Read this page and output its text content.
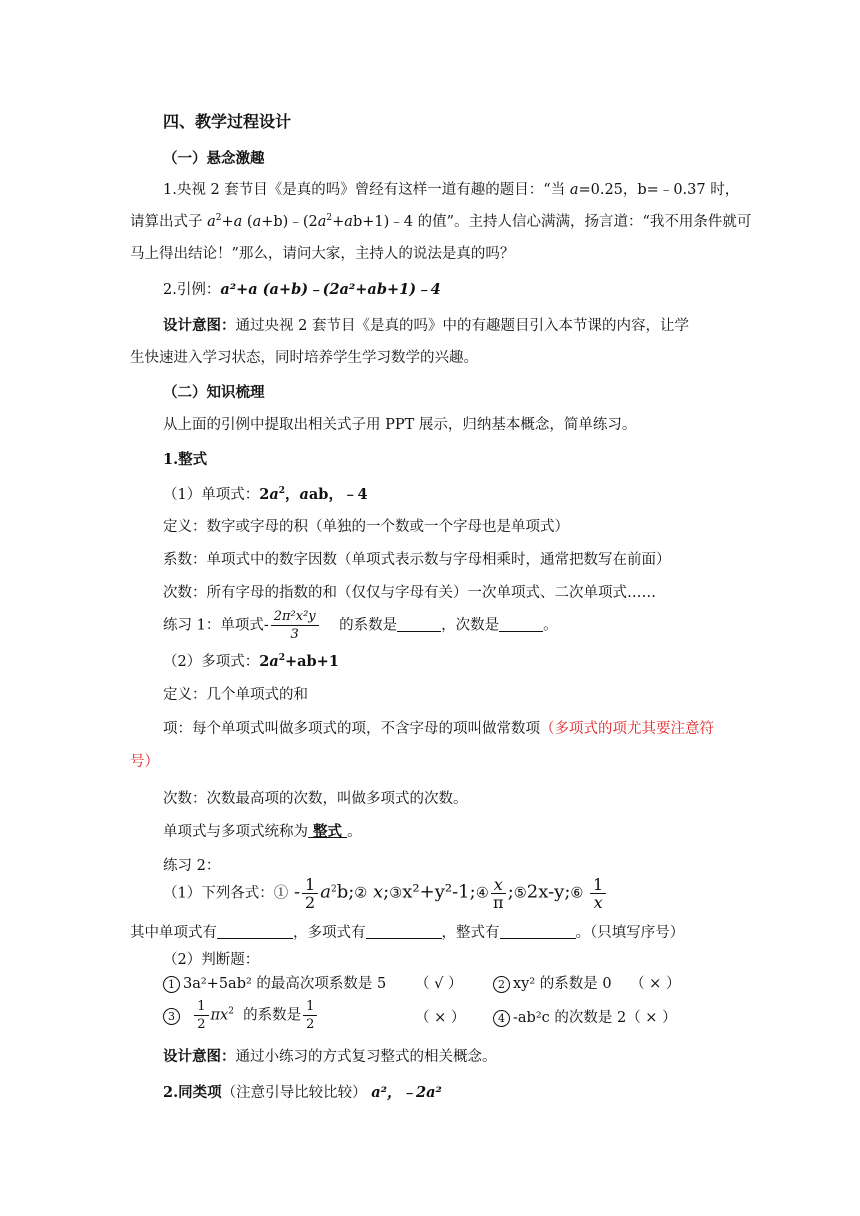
四、教学过程设计
（一）悬念激趣
1.央视 2 套节目《是真的吗》曾经有这样一道有趣的题目：“当 a=0.25，b=﹣0.37 时，
请算出式子 $a^2+a$ $(a+b)﹣(2a^2+ab+1)﹣4$ 的值”。主持人信心满满，扬言道：“我不用条件就可
马上得出结论！”那么，请问大家，主持人的说法是真的吗？
2.引例：a²+a (a+b)﹣(2a²+ab+1)﹣4
设计意图：通过央视 2 套节目《是真的吗》中的有趣题目引入本节课的内容，让学
生快速进入学习状态，同时培养学生学习数学的兴趣。
（二）知识梳理
从上面的引例中提取出相关式子用 PPT 展示，归纳基本概念，简单练习。
1.整式
（1）单项式：$2a^2$，aab，﹣4
定义：数字或字母的积（单独的一个数或一个字母也是单项式）
系数：单项式中的数字因数（单项式表示数与字母相乘时，通常把数写在前面）
次数：所有字母的指数的和（仅仅与字母有关）一次单项式、二次单项式……
练习 1：单项式- $\frac{\text{2π²x²y}}{3}$ 的系数是	，次数是	。
（2）多项式：$2a^2+ab+1$
定义：几个单项式的和
项：每个单项式叫做多项式的项，不含字母的项叫做常数项（多项式的项尤其要注意符
号）
次数：次数最高项的次数，叫做多项式的次数。
单项式与多项式统称为 整式 。
练习 2：
（1）下列各式：① - $\frac{1}{2}$ $a^2b;②$ x;③x²+y²-1;④ $\frac{x}{\pi}$ ;⑤2x-y;⑥ $\frac{1}{x}$
其中单项式有	，多项式有	，整式有	。（只填写序号）
（2）判断题：
1 3a²+5ab² 的最高次项系数是 5 （ √ ）	2 xy² 的系数是 0 （ × ）
$3 \frac{1}{2} \pi x^2$ 的系数是 $\frac{1}{2}$	（ × ）	4 -ab²c 的次数是 2（ × ）
设计意图：通过小练习的方式复习整式的相关概念。
2.同类项（注意引导比较比较） a²，﹣2a²
